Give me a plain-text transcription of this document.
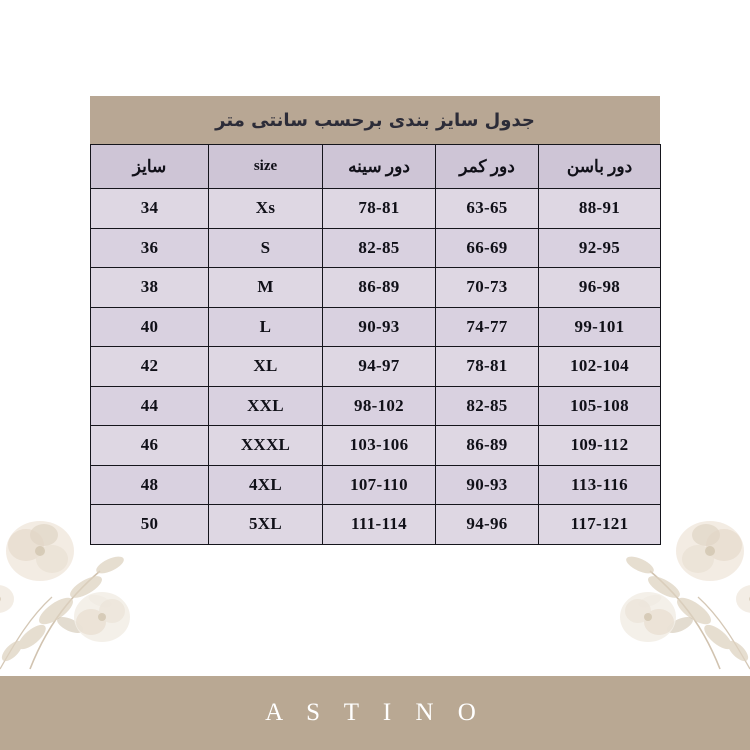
جدول سایز بندی برحسب سانتی متر
دور باسن	دور کمر	دور سینه	size	سایز
88-91	63-65	78-81	Xs	34
92-95	66-69	82-85	S	36
96-98	70-73	86-89	M	38
99-101	74-77	90-93	L	40
102-104	78-81	94-97	XL	42
105-108	82-85	98-102	XXL	44
109-112	86-89	103-106	XXXL	46
113-116	90-93	107-110	4XL	48
117-121	94-96	111-114	5XL	50
A S T I N O
